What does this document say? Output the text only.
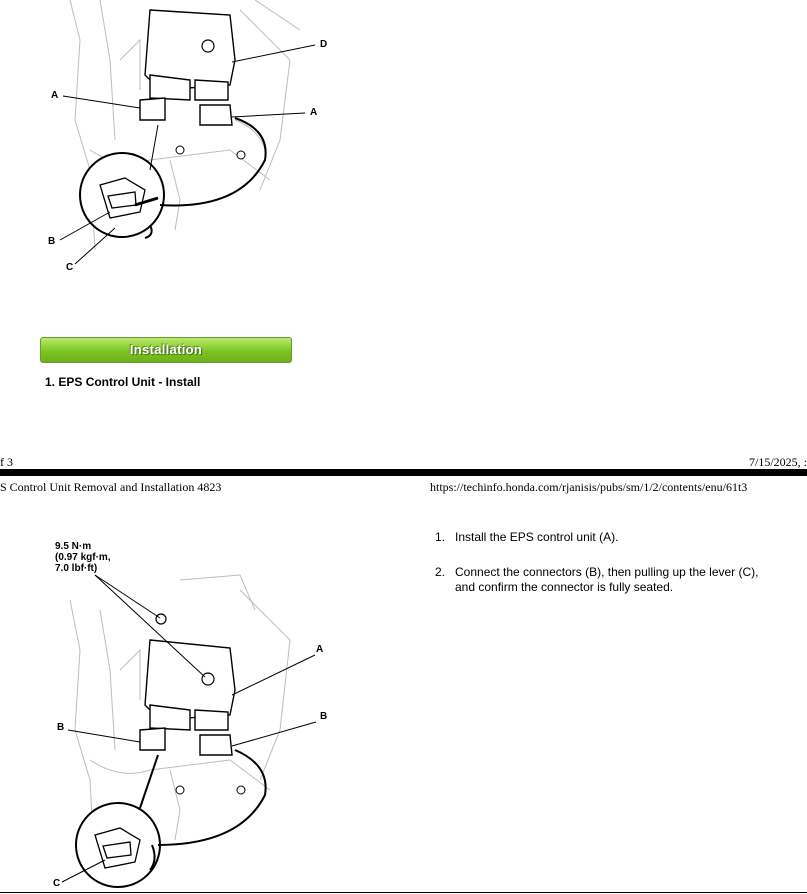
D
A
A
B
C
Installation
1. EPS Control Unit - Install
f 3	7/15/2025, :
S Control Unit Removal and Installation 4823	https://techinfo.honda.com/rjanisis/pubs/sm/1/2/contents/enu/61t3
9.5 N·m
(0.97 kgf·m,
7.0 lbf·ft)
A
B
B
C
1. Install the EPS control unit (A).
2. Connect the connectors (B), then pulling up the lever (C),
and confirm the connector is fully seated.
